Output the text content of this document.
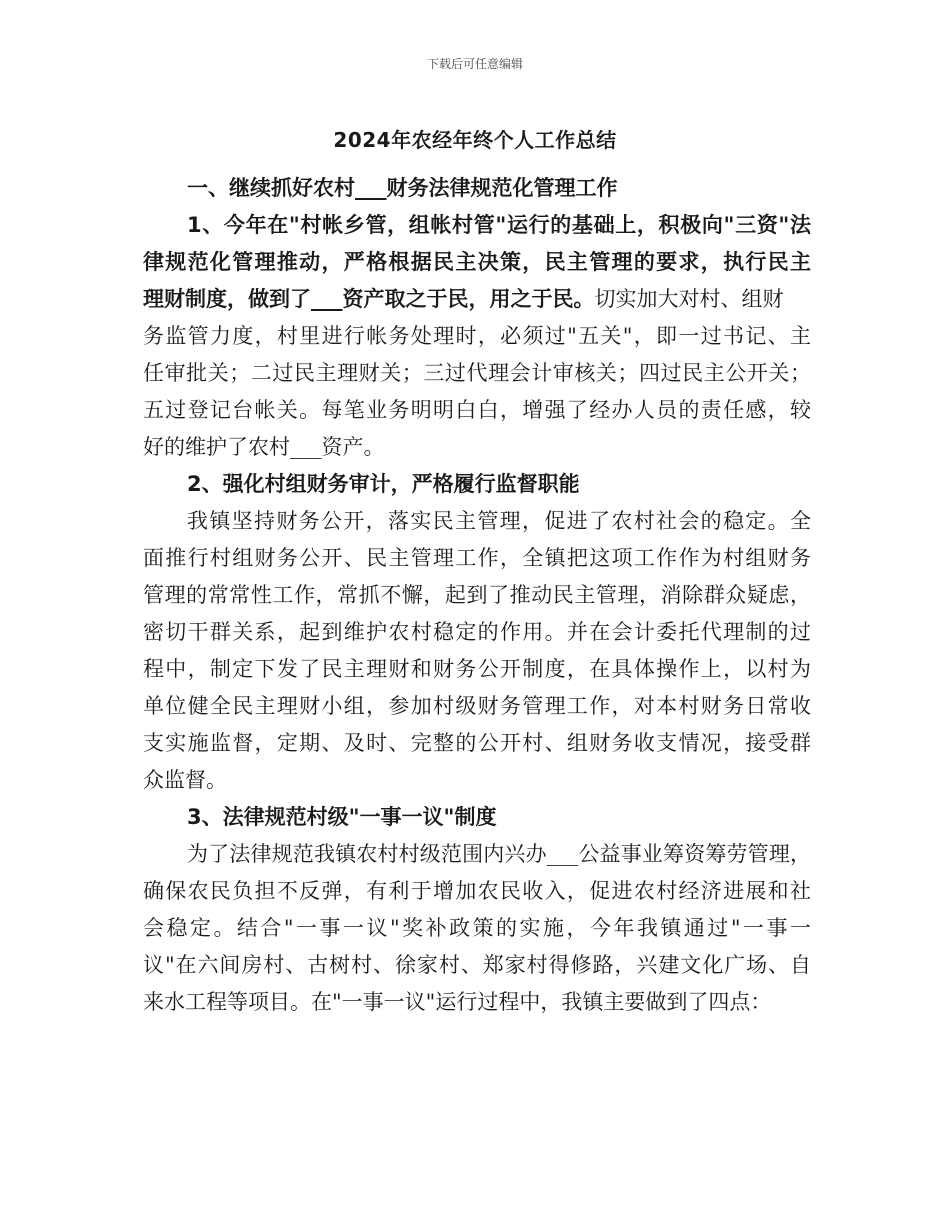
下载后可任意编辑
2024年农经年终个人工作总结
一、继续抓好农村___财务法律规范化管理工作
1、今年在"村帐乡管，组帐村管"运行的基础上，积极向"三资"法
律规范化管理推动，严格根据民主决策，民主管理的要求，执行民主
理财制度，做到了___资产取之于民，用之于民。切实加大对村、组财
务监管力度，村里进行帐务处理时，必须过"五关"，即一过书记、主
任审批关；二过民主理财关；三过代理会计审核关；四过民主公开关；
五过登记台帐关。每笔业务明明白白，增强了经办人员的责任感，较
好的维护了农村___资产。
2、强化村组财务审计，严格履行监督职能
我镇坚持财务公开，落实民主管理，促进了农村社会的稳定。全
面推行村组财务公开、民主管理工作，全镇把这项工作作为村组财务
管理的常常性工作，常抓不懈，起到了推动民主管理，消除群众疑虑，
密切干群关系，起到维护农村稳定的作用。并在会计委托代理制的过
程中，制定下发了民主理财和财务公开制度，在具体操作上，以村为
单位健全民主理财小组，参加村级财务管理工作，对本村财务日常收
支实施监督，定期、及时、完整的公开村、组财务收支情况，接受群
众监督。
3、法律规范村级"一事一议"制度
为了法律规范我镇农村村级范围内兴办___公益事业筹资筹劳管理，
确保农民负担不反弹，有利于增加农民收入，促进农村经济进展和社
会稳定。结合"一事一议"奖补政策的实施，今年我镇通过"一事一
议"在六间房村、古树村、徐家村、郑家村得修路，兴建文化广场、自
来水工程等项目。在"一事一议"运行过程中，我镇主要做到了四点：
